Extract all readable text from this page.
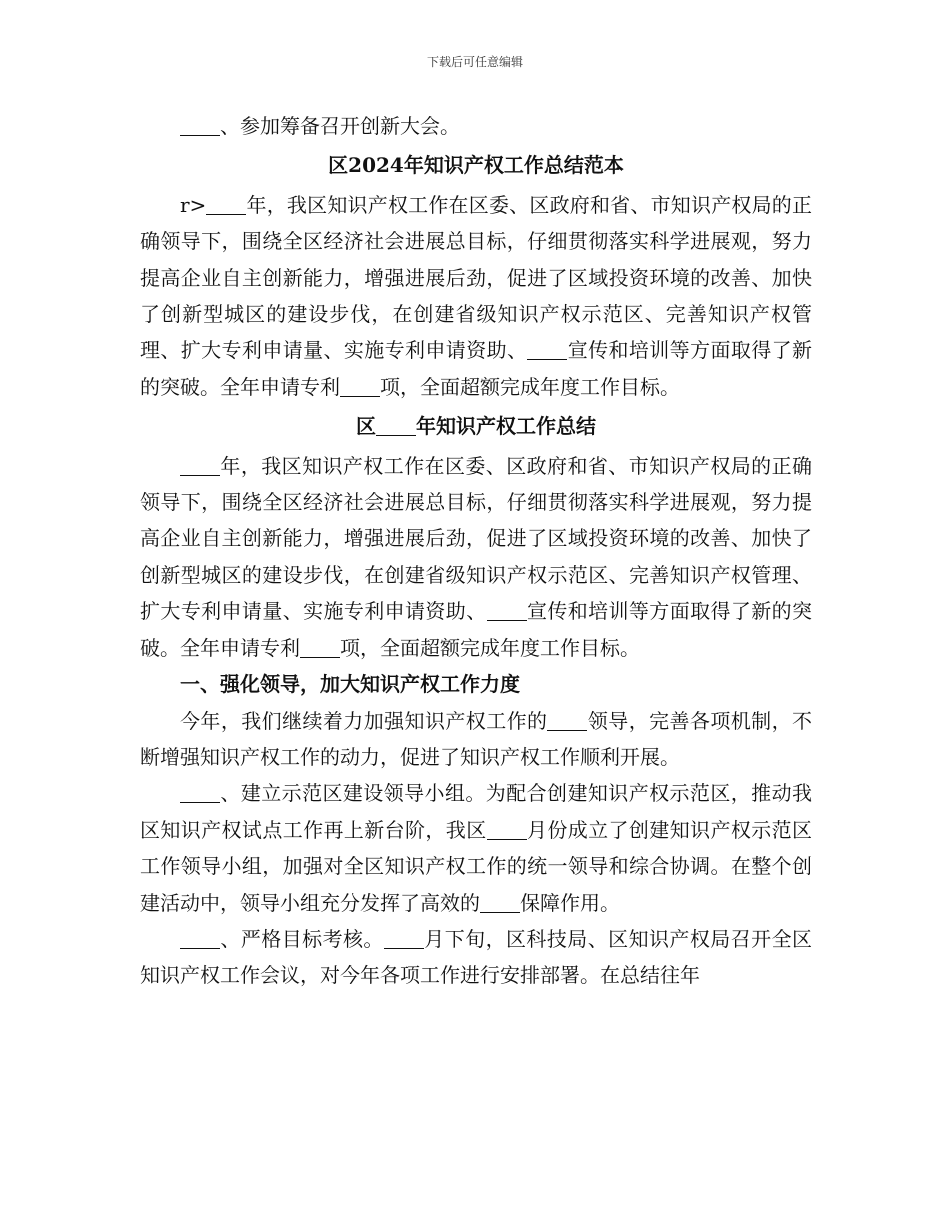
下载后可任意编辑

、参加筹备召开创新大会。

区2024年知识产权工作总结范本

r> 年，我区知识产权工作在区委、区政府和省、市知识产权局的正确领导下，围绕全区经济社会进展总目标，仔细贯彻落实科学进展观，努力提高企业自主创新能力，增强进展后劲，促进了区域投资环境的改善、加快了创新型城区的建设步伐，在创建省级知识产权示范区、完善知识产权管理、扩大专利申请量、实施专利申请资助、 宣传和培训等方面取得了新的突破。全年申请专利 项，全面超额完成年度工作目标。

区 年知识产权工作总结

年，我区知识产权工作在区委、区政府和省、市知识产权局的正确领导下，围绕全区经济社会进展总目标，仔细贯彻落实科学进展观，努力提高企业自主创新能力，增强进展后劲，促进了区域投资环境的改善、加快了创新型城区的建设步伐，在创建省级知识产权示范区、完善知识产权管理、扩大专利申请量、实施专利申请资助、 宣传和培训等方面取得了新的突破。全年申请专利 项，全面超额完成年度工作目标。

一、强化领导，加大知识产权工作力度

今年，我们继续着力加强知识产权工作的 领导，完善各项机制，不断增强知识产权工作的动力，促进了知识产权工作顺利开展。

、建立示范区建设领导小组。为配合创建知识产权示范区，推动我区知识产权试点工作再上新台阶，我区 月份成立了创建知识产权示范区工作领导小组，加强对全区知识产权工作的统一领导和综合协调。在整个创建活动中，领导小组充分发挥了高效的 保障作用。

、严格目标考核。 月下旬，区科技局、区知识产权局召开全区知识产权工作会议，对今年各项工作进行安排部署。在总结往年
